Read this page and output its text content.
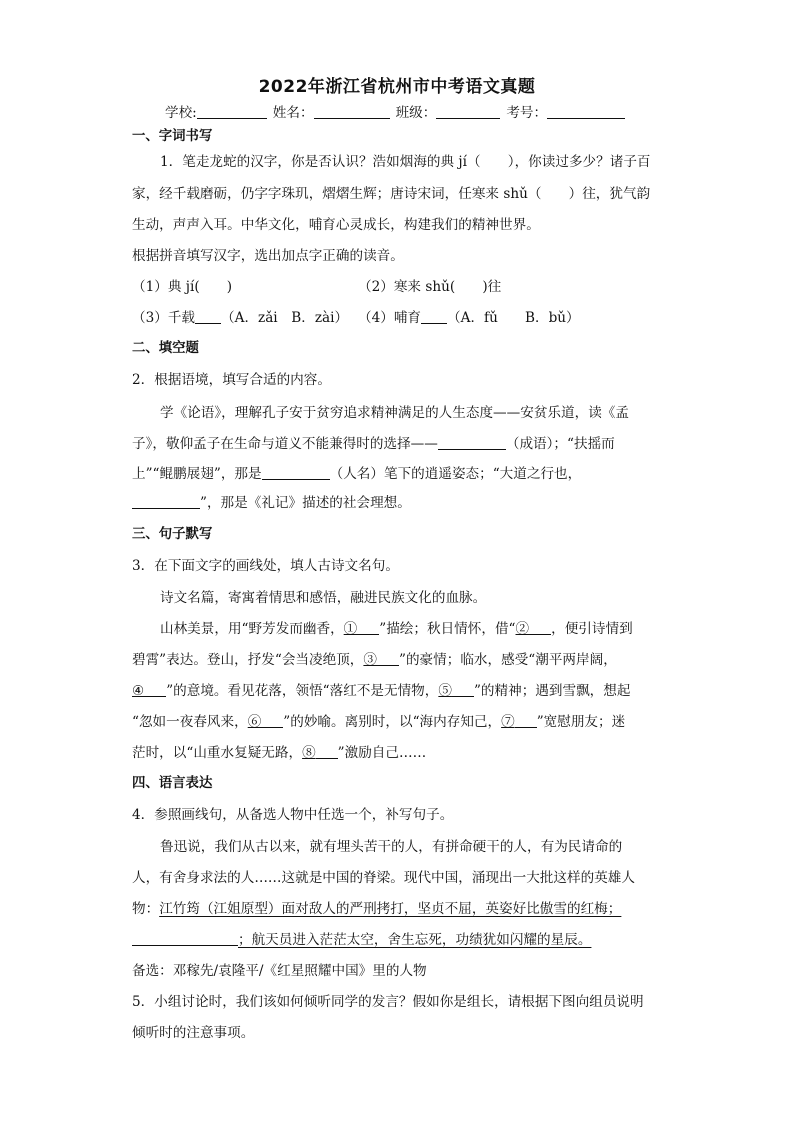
2022年浙江省杭州市中考语文真题
学校:	姓名：	班级：	考号：
一、字词书写
1．笔走龙蛇的汉字，你是否认识？浩如烟海的典 jí（　　），你读过多少？诸子百
家，经千载磨砺，仍字字珠玑，熠熠生辉；唐诗宋词，任寒来 shǔ（　　）往，犹气韵
生动，声声入耳。中华文化，哺育心灵成长，构建我们的精神世界。
根据拼音填写汉字，选出加点字正确的读音。
（1）典 jí(　　)	（2）寒来 shǔ(　　)往
（3）千载 （A．zǎi　B．zài） （4）哺育 （A．fǔ　　B．bǔ）
二、填空题
2．根据语境，填写合适的内容。
学《论语》，理解孔子安于贫穷追求精神满足的人生态度——安贫乐道，读《孟
子》，敬仰孟子在生命与道义不能兼得时的选择——	（成语）；“扶摇而
上”“鲲鹏展翅”，那是	（人名）笔下的逍遥姿态；“大道之行也，
”，那是《礼记》描述的社会理想。
三、句子默写
3．在下面文字的画线处，填人古诗文名句。
诗文名篇，寄寓着情思和感悟，融进民族文化的血脉。
山林美景，用“野芳发而幽香，① ”描绘；秋日情怀，借“② ，便引诗情到
碧霄”表达。登山，抒发“会当凌绝顶，③ ”的豪情；临水，感受“潮平两岸阔，
④ ”的意境。看见花落，领悟“落红不是无情物，⑤ ”的精神；遇到雪飘，想起
“忽如一夜春风来，⑥ ”的妙喻。离别时，以“海内存知己，⑦ ”宽慰朋友；迷
茫时，以“山重水复疑无路，⑧ ”激励自己……
四、语言表达
4．参照画线句，从备选人物中任选一个，补写句子。
鲁迅说，我们从古以来，就有埋头苦干的人，有拼命硬干的人，有为民请命的
人，有舍身求法的人……这就是中国的脊梁。现代中国，涌现出一大批这样的英雄人
物：江竹筠（江姐原型）面对敌人的严刑拷打，坚贞不屈，英姿好比傲雪的红梅；
；航天员进入茫茫太空，舍生忘死，功绩犹如闪耀的星辰。
备选：邓稼先/袁隆平/《红星照耀中国》里的人物
5．小组讨论时，我们该如何倾听同学的发言？假如你是组长，请根据下图向组员说明
倾听时的注意事项。
